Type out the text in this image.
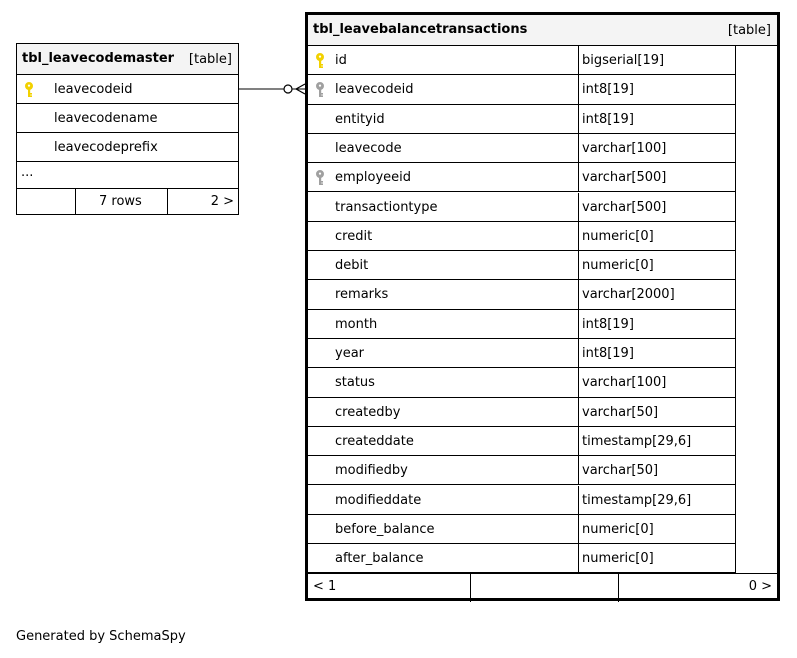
tbl_leavecodemaster [table]
leavecodeid
leavecodename
leavecodeprefix
...
7 rows	2 >
tbl_leavebalancetransactions	[table]
id	bigserial[19]
leavecodeid	int8[19]
entityid	int8[19]
leavecode	varchar[100]
employeeid	varchar[500]
transactiontype	varchar[500]
credit	numeric[0]
debit	numeric[0]
remarks	varchar[2000]
month	int8[19]
year	int8[19]
status	varchar[100]
createdby	varchar[50]
createddate	timestamp[29,6]
modifiedby	varchar[50]
modifieddate	timestamp[29,6]
before_balance	numeric[0]
after_balance	numeric[0]
< 1	0 >
Generated by SchemaSpy
